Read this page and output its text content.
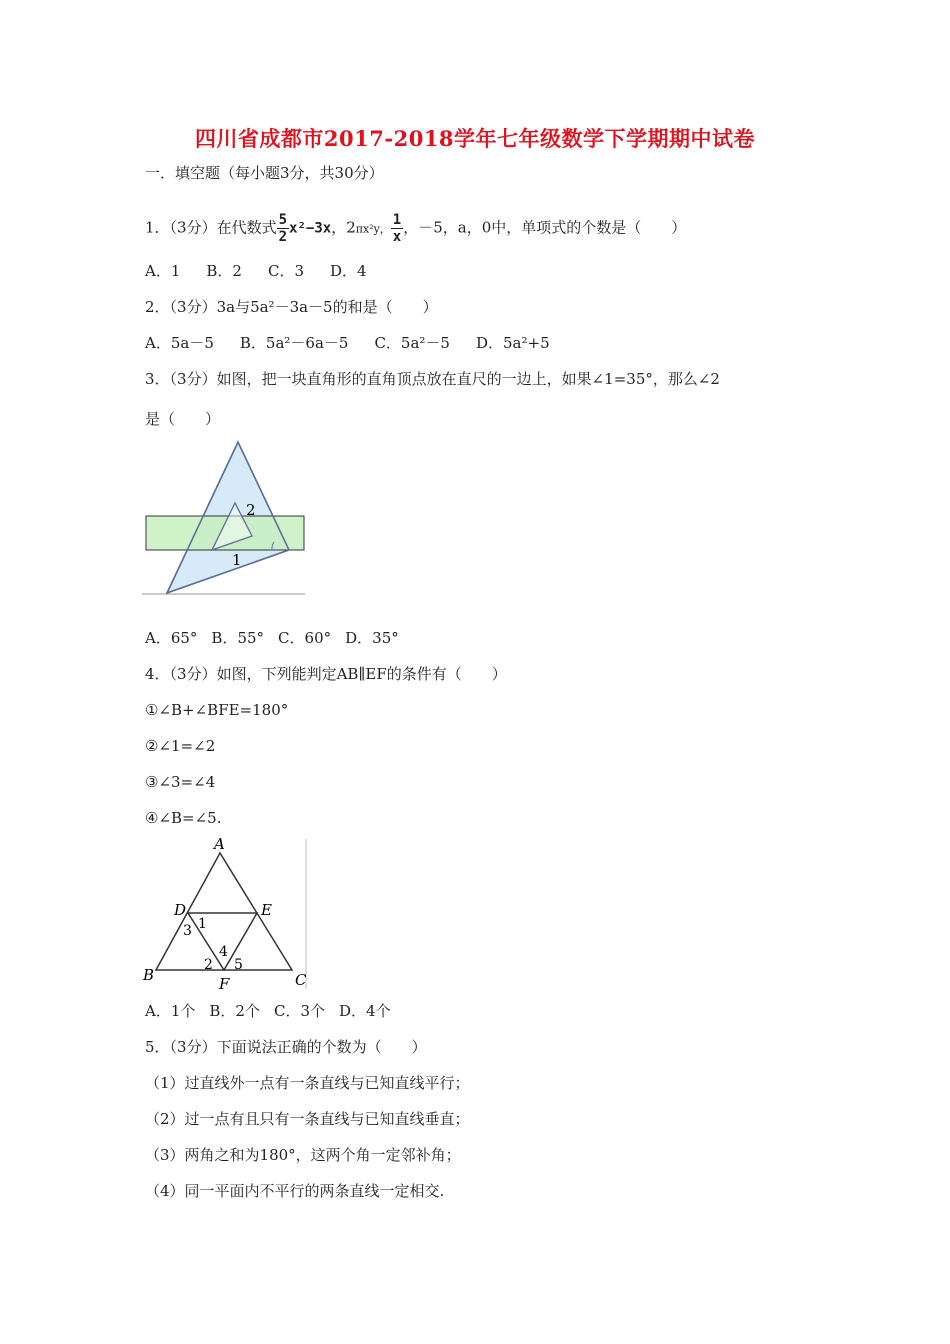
四川省成都市2017-2018学年七年级数学下学期期中试卷
一．填空题（每小题3分，共30分）
1．（3分）在代数式 $\frac{5}{2} x^2-3x$，2πx²y， $\frac{1}{x}$ ，－5，a，0中，单项式的个数是（　　）
A．1 B．2 C．3 D．4
2．（3分）3a与5a²－3a－5的和是（　　）
A．5a－5 B．5a²－6a－5 C．5a²－5 D．5a²+5
3．（3分）如图，把一块直角形的直角顶点放在直尺的一边上，如果∠1=35°，那么∠2
是（　　）
2
1
A．65° B．55° C．60° D．35°
4．（3分）如图，下列能判定AB∥EF的条件有（　　）
①∠B+∠BFE=180°
②∠1=∠2
③∠3=∠4
④∠B=∠5.
A
D	E
B	C
F
1
3
4
2 5
A．1个 B．2个 C．3个 D．4个
5．（3分）下面说法正确的个数为（　　）
（1）过直线外一点有一条直线与已知直线平行；
（2）过一点有且只有一条直线与已知直线垂直；
（3）两角之和为180°，这两个角一定邻补角；
（4）同一平面内不平行的两条直线一定相交.
